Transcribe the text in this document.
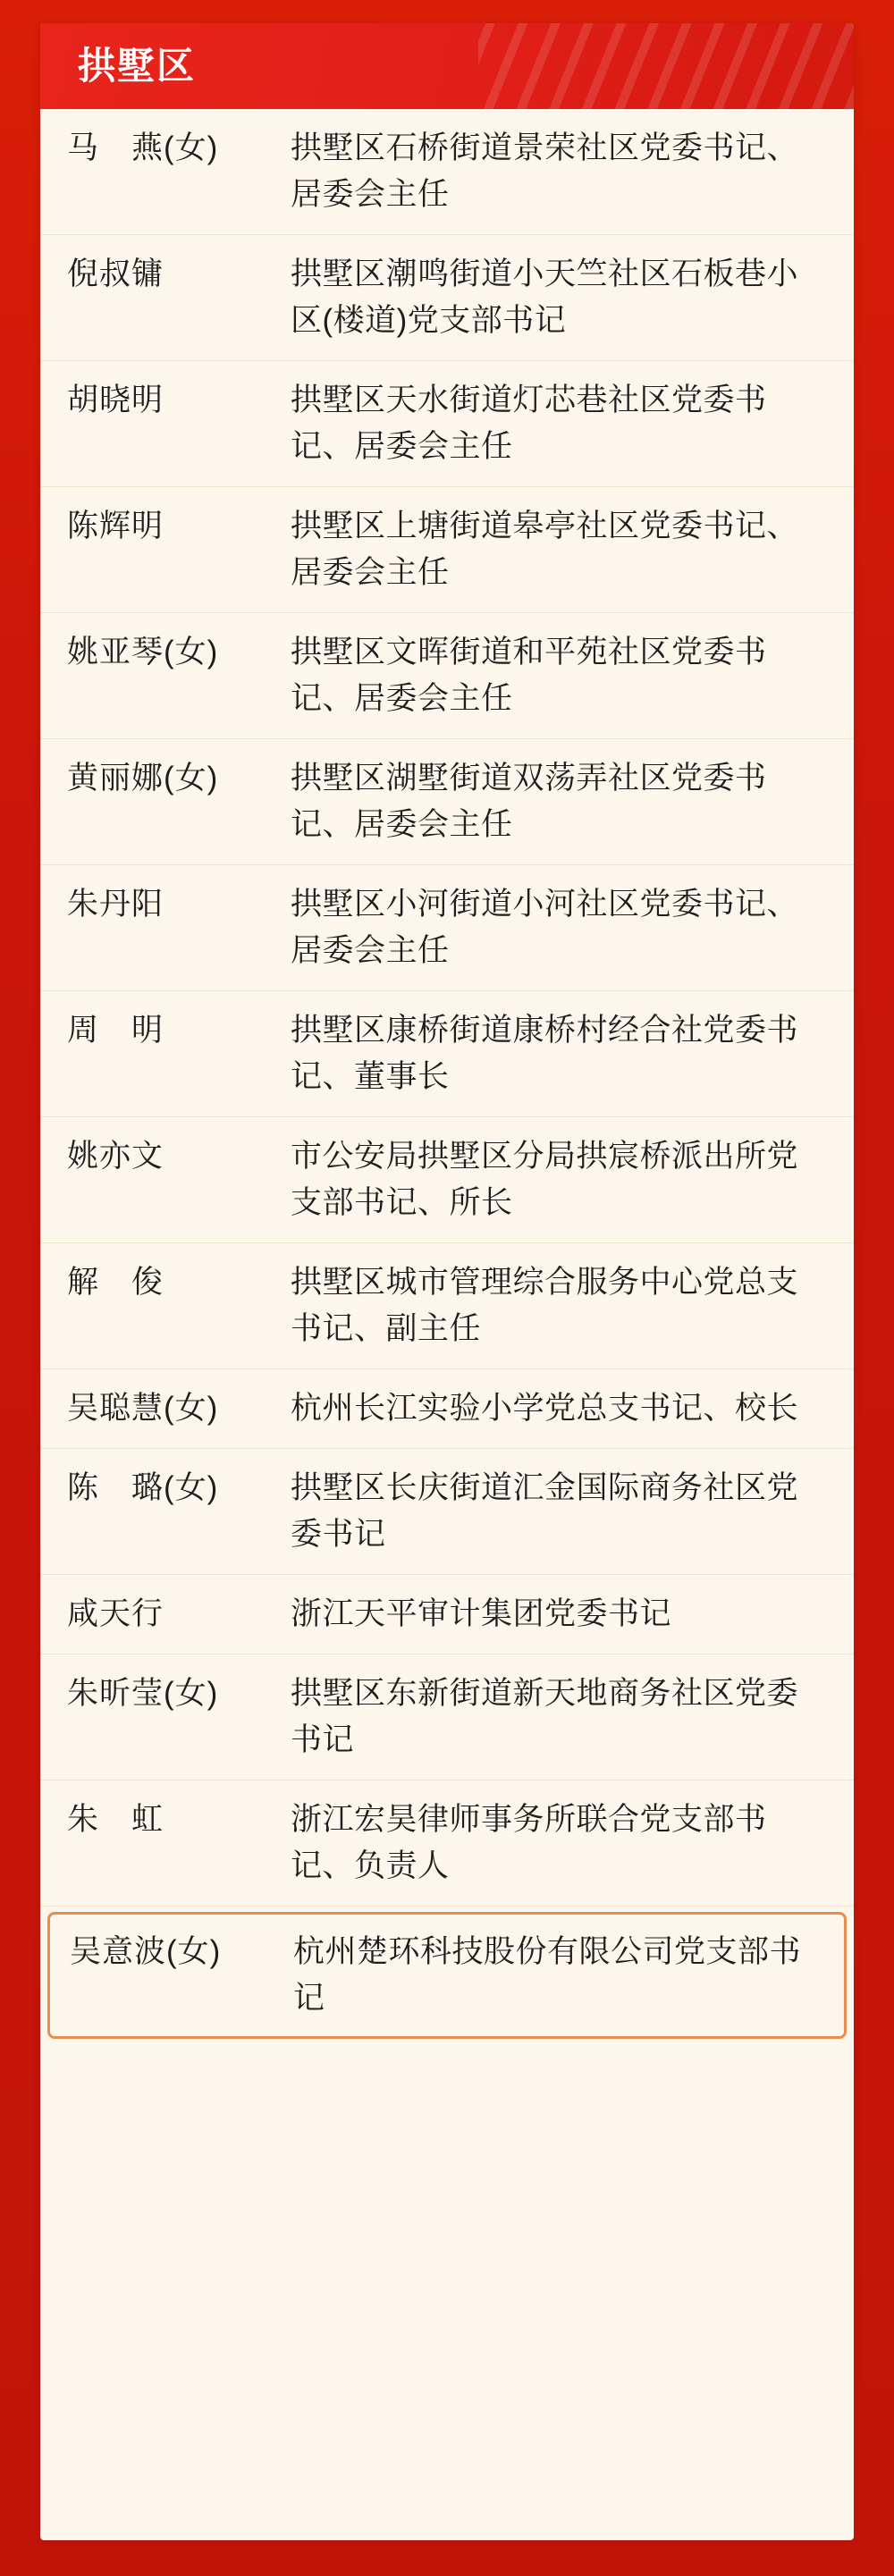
拱墅区
马　燕(女)	拱墅区石桥街道景荣社区党委书记、居委会主任
倪叔镛	拱墅区潮鸣街道小天竺社区石板巷小区(楼道)党支部书记
胡晓明	拱墅区天水街道灯芯巷社区党委书记、居委会主任
陈辉明	拱墅区上塘街道皋亭社区党委书记、居委会主任
姚亚琴(女)	拱墅区文晖街道和平苑社区党委书记、居委会主任
黄丽娜(女)	拱墅区湖墅街道双荡弄社区党委书记、居委会主任
朱丹阳	拱墅区小河街道小河社区党委书记、居委会主任
周　明	拱墅区康桥街道康桥村经合社党委书记、董事长
姚亦文	市公安局拱墅区分局拱宸桥派出所党支部书记、所长
解　俊	拱墅区城市管理综合服务中心党总支书记、副主任
吴聪慧(女)	杭州长江实验小学党总支书记、校长
陈　璐(女)	拱墅区长庆街道汇金国际商务社区党委书记
咸天行	浙江天平审计集团党委书记
朱昕莹(女)	拱墅区东新街道新天地商务社区党委书记
朱　虹	浙江宏昊律师事务所联合党支部书记、负责人
吴意波(女)	杭州楚环科技股份有限公司党支部书记
